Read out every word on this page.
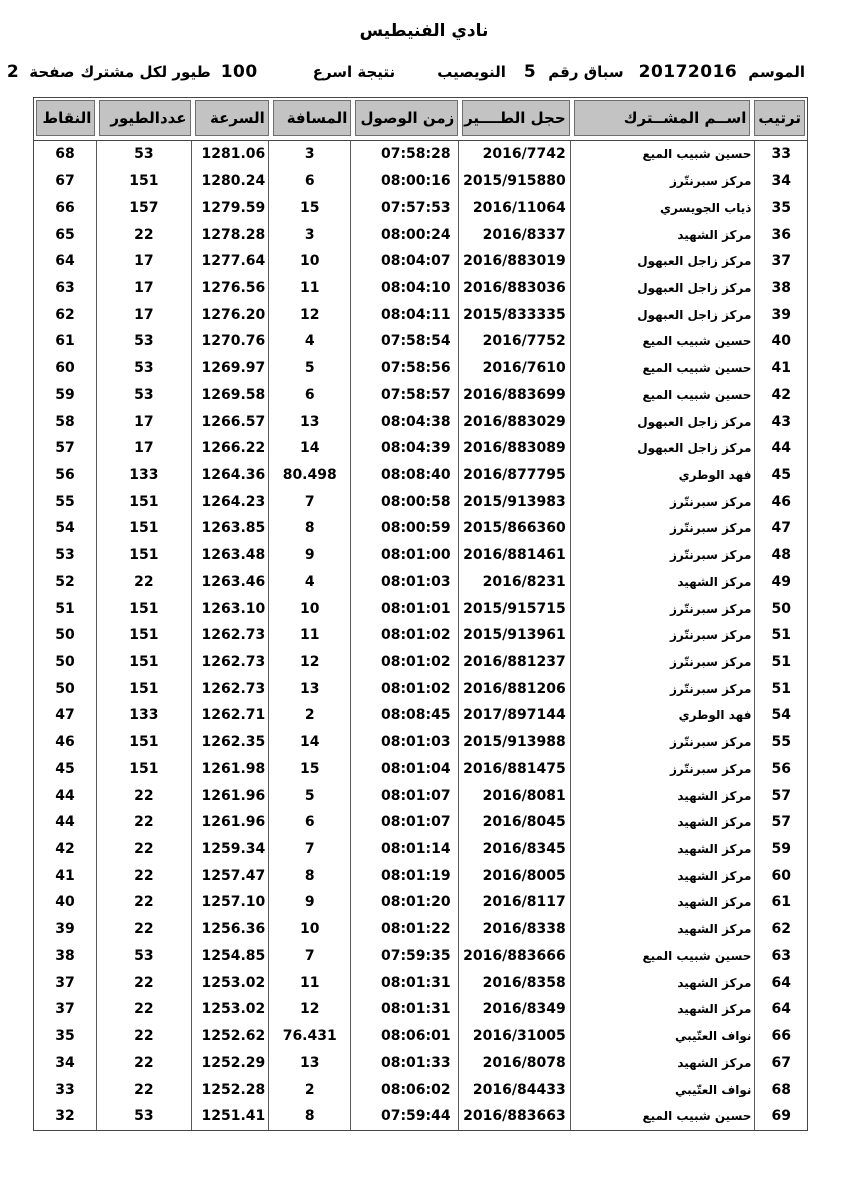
نادي الفنيطيس
الموسم
20172016
سباق رقم
5
النويصيب
نتيجة اسرع
100
طيور لكل مشترك
صفحة
2
ترتيب
اســم المشــترك
حجل الطــــير
زمن الوصول
المسافة
السرعة
عددالطيور
النقاط
33
حسين شبيب الميع
2016/7742
07:58:28
3
1281.06
53
68
34
مركز سبرنتّرز
2015/915880
08:00:16
6
1280.24
151
67
35
ذياب الجويسري
2016/11064
07:57:53
15
1279.59
157
66
36
مركز الشهيد
2016/8337
08:00:24
3
1278.28
22
65
37
مركز زاجل العبهول
2016/883019
08:04:07
10
1277.64
17
64
38
مركز زاجل العبهول
2016/883036
08:04:10
11
1276.56
17
63
39
مركز زاجل العبهول
2015/833335
08:04:11
12
1276.20
17
62
40
حسين شبيب الميع
2016/7752
07:58:54
4
1270.76
53
61
41
حسين شبيب الميع
2016/7610
07:58:56
5
1269.97
53
60
42
حسين شبيب الميع
2016/883699
07:58:57
6
1269.58
53
59
43
مركز زاجل العبهول
2016/883029
08:04:38
13
1266.57
17
58
44
مركز زاجل العبهول
2016/883089
08:04:39
14
1266.22
17
57
45
فهد الوطري
2016/877795
08:08:40
80.498
1264.36
133
56
46
مركز سبرنتّرز
2015/913983
08:00:58
7
1264.23
151
55
47
مركز سبرنتّرز
2015/866360
08:00:59
8
1263.85
151
54
48
مركز سبرنتّرز
2016/881461
08:01:00
9
1263.48
151
53
49
مركز الشهيد
2016/8231
08:01:03
4
1263.46
22
52
50
مركز سبرنتّرز
2015/915715
08:01:01
10
1263.10
151
51
51
مركز سبرنتّرز
2015/913961
08:01:02
11
1262.73
151
50
51
مركز سبرنتّرز
2016/881237
08:01:02
12
1262.73
151
50
51
مركز سبرنتّرز
2016/881206
08:01:02
13
1262.73
151
50
54
فهد الوطري
2017/897144
08:08:45
2
1262.71
133
47
55
مركز سبرنتّرز
2015/913988
08:01:03
14
1262.35
151
46
56
مركز سبرنتّرز
2016/881475
08:01:04
15
1261.98
151
45
57
مركز الشهيد
2016/8081
08:01:07
5
1261.96
22
44
57
مركز الشهيد
2016/8045
08:01:07
6
1261.96
22
44
59
مركز الشهيد
2016/8345
08:01:14
7
1259.34
22
42
60
مركز الشهيد
2016/8005
08:01:19
8
1257.47
22
41
61
مركز الشهيد
2016/8117
08:01:20
9
1257.10
22
40
62
مركز الشهيد
2016/8338
08:01:22
10
1256.36
22
39
63
حسين شبيب الميع
2016/883666
07:59:35
7
1254.85
53
38
64
مركز الشهيد
2016/8358
08:01:31
11
1253.02
22
37
64
مركز الشهيد
2016/8349
08:01:31
12
1253.02
22
37
66
نواف العتّيبي
2016/31005
08:06:01
76.431
1252.62
22
35
67
مركز الشهيد
2016/8078
08:01:33
13
1252.29
22
34
68
نواف العتّيبي
2016/84433
08:06:02
2
1252.28
22
33
69
حسين شبيب الميع
2016/883663
07:59:44
8
1251.41
53
32
